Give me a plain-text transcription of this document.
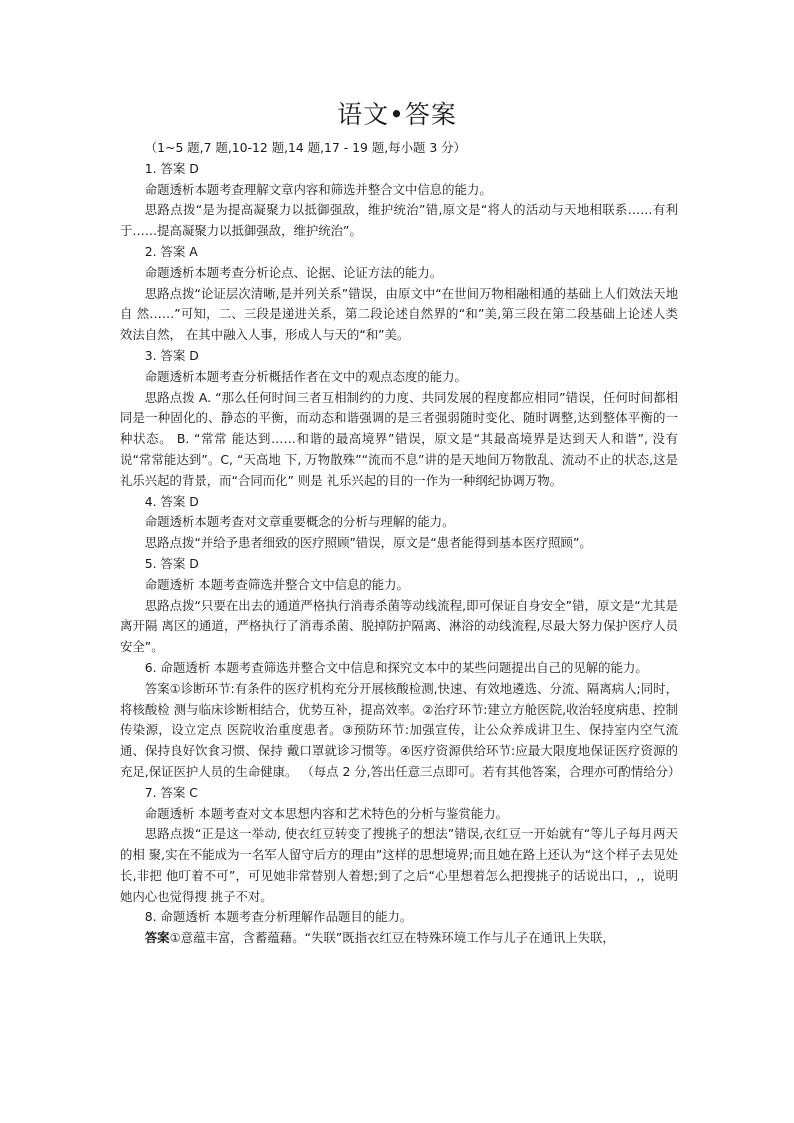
语文•答案

（1~5 题,7 题,10-12 题,14 题,17 - 19 题,每小题 3 分）

1. 答案 D

命题透析本题考查理解文章内容和筛选并整合文中信息的能力。

思路点拨“是为提高凝聚力以抵御强敌，维护统治”错,原文是“将人的活动与天地相联系……有利于……提高凝聚力以抵御强敌，维护统治”。

2. 答案 A

命题透析本题考查分析论点、论据、论证方法的能力。

思路点拨“论证层次清晰,是并列关系”错误，由原文中“在世间万物相融相通的基础上人们效法天地自 然……”可知，二、三段是递进关系，第二段论述自然界的“和”美,第三段在第二段基础上论述人类效法自然， 在其中融入人事，形成人与天的“和”美。

3. 答案 D

命题透析本题考查分析概括作者在文中的观点态度的能力。

思路点拨 A. “那么任何时间三者互相制约的力度、共同发展的程度都应相同”错误，任何时间都相同是一种固化的、静态的平衡，而动态和谐强调的是三者强弱随时变化、随时调整,达到整体平衡的一种状态。 B. “常常 能达到……和谐的最高境界”错误，原文是“其最高境界是达到天人和谐”, 没有说“常常能达到”。C, “天高地 下, 万物散殊”“流而不息”讲的是天地间万物散乱、流动不止的状态,这是礼乐兴起的背景，而“合同而化” 则是 礼乐兴起的目的一作为一种纲纪协调万物。

4. 答案 D

命题透析本题考查对文章重要概念的分析与理解的能力。

思路点拨“并给予患者细致的医疗照顾”错误，原文是“患者能得到基本医疗照顾”。

5. 答案 D

命题透析 本题考查筛选并整合文中信息的能力。

思路点拨“只要在出去的通道严格执行消毒杀菌等动线流程,即可保证自身安全”错，原文是“尤其是离开隔 离区的通道，严格执行了消毒杀菌、脱掉防护隔离、淋浴的动线流程,尽最大努力保护医疗人员安全”。

6. 命题透析 本题考查筛选并整合文中信息和探究文本中的某些问题提出自己的见解的能力。

答案①诊断环节:有条件的医疗机构充分开展核酸检测,快速、有效地遴选、分流、隔离病人;同时，将核酸检 测与临床诊断相结合，优势互补，提高效率。②治疗环节:建立方舱医院,收治轻度病患、控制传染源，设立定点 医院收治重度患者。③预防环节:加强宣传，让公众养成讲卫生、保持室内空气流通、保持良好饮食习惯、保持 戴口罩就诊习惯等。④医疗资源供给环节:应最大限度地保证医疗资源的充足,保证医护人员的生命健康。 （每点 2 分,答出任意三点即可。若有其他答案，合理亦可酌情给分）

7. 答案 C

命题透析 本题考查对文本思想内容和艺术特色的分析与鉴赏能力。

思路点拨“正是这一举动, 使衣红豆转变了搜挑子的想法”错误,衣红豆一开始就有“等儿子每月两天的相 聚,实在不能成为一名军人留守后方的理由”这样的思想境界;而且她在路上还认为“这个样子去见处长,非把 他叮着不可”，可见她非常替别人着想;到了之后“心里想着怎么把搜挑子的话说出口，,，说明她内心也觉得搜 挑子不对。

8. 命题透析 本题考查分析理解作品题目的能力。

答案①意蕴丰富，含蓄蕴藉。“失联”既指衣红豆在特殊环境工作与儿子在通讯上失联，
